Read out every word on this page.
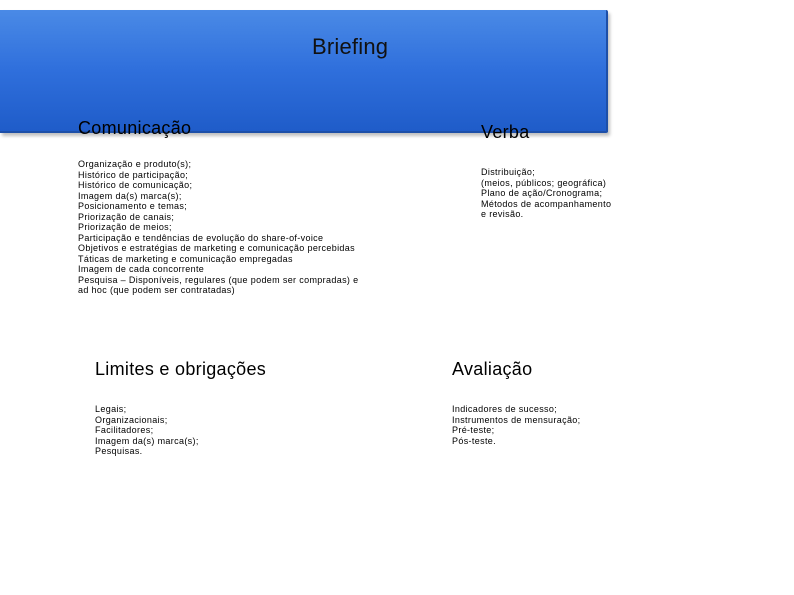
Briefing
Comunicação
Organização e produto(s);
Histórico de participação;
Histórico de comunicação;
Imagem da(s) marca(s);
Posicionamento e temas;
Priorização de canais;
Priorização de meios;
Participação e tendências de evolução do share-of-voice
Objetivos e estratégias de marketing e comunicação percebidas
Táticas de marketing e comunicação empregadas
Imagem de cada concorrente
Pesquisa – Disponíveis, regulares (que podem ser compradas) e
ad hoc (que podem ser contratadas)
Verba
Distribuição;
(meios, públicos; geográfica)
Plano de ação/Cronograma;
Métodos de acompanhamento
e revisão.
Limites e obrigações
Legais;
Organizacionais;
Facilitadores;
Imagem da(s) marca(s);
Pesquisas.
Avaliação
Indicadores de sucesso;
Instrumentos de mensuração;
Pré-teste;
Pós-teste.
